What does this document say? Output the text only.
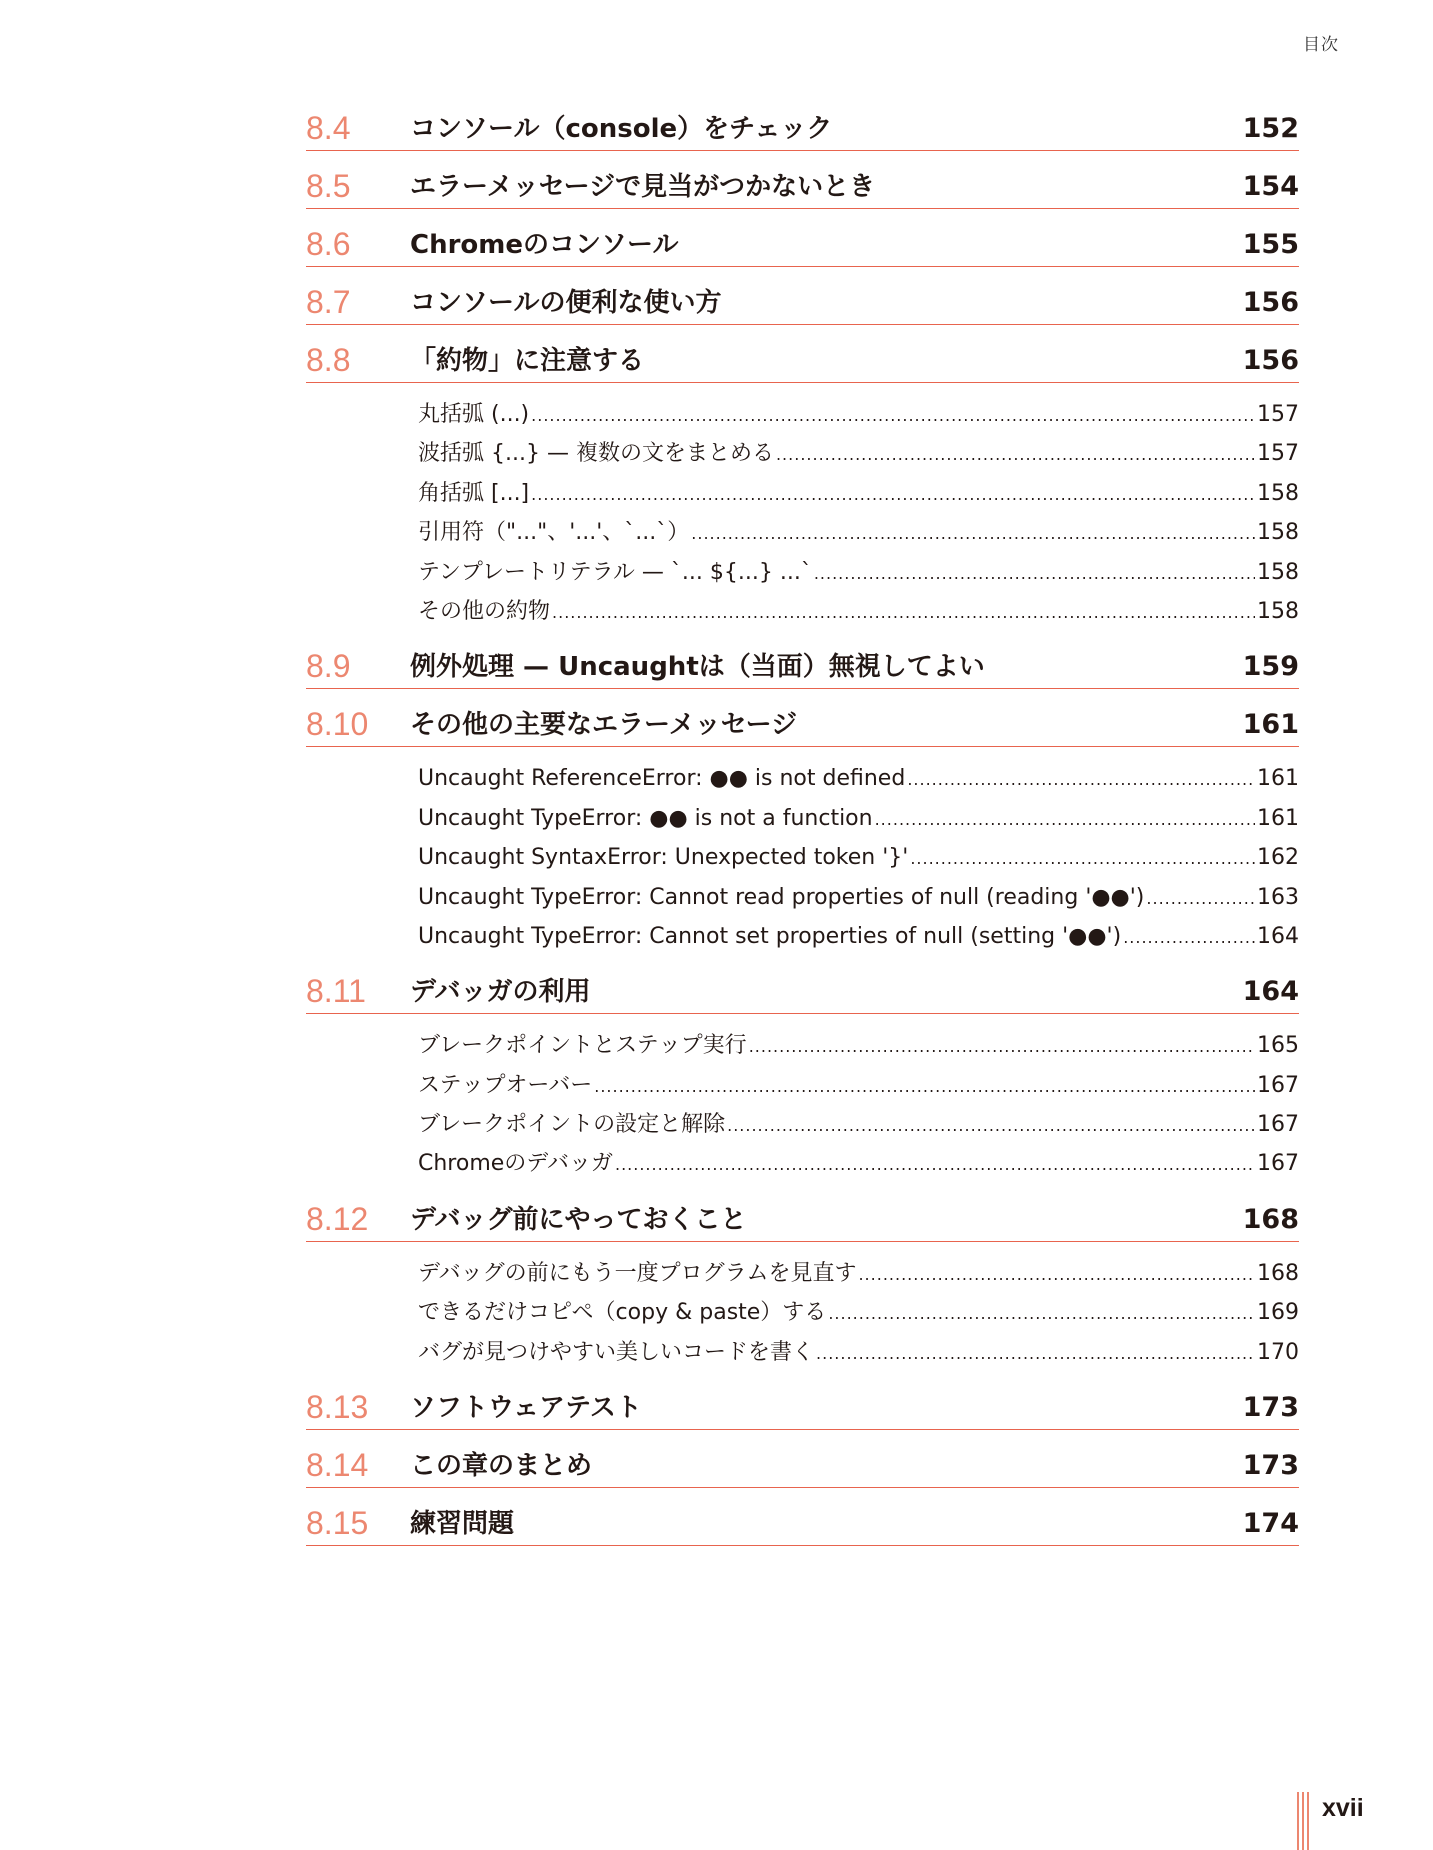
目次
8.4	コンソール（console）をチェック	152
8.5	エラーメッセージで見当がつかないとき	154
8.6	Chromeのコンソール	155
8.7	コンソールの便利な使い方	156
8.8	「約物」に注意する	156
丸括弧 (...) .....	157
波括弧 {...} — 複数の文をまとめる .....	157
角括弧 [...] .....	158
引用符（"..."、'...'、`...`） .....	158
テンプレートリテラル — `... ${...} ...` .....	158
その他の約物 .....	158
8.9	例外処理 — Uncaughtは（当面）無視してよい	159
8.10	その他の主要なエラーメッセージ	161
Uncaught ReferenceError: ●● is not defined .....	161
Uncaught TypeError: ●● is not a function .....	161
Uncaught SyntaxError: Unexpected token '}' .....	162
Uncaught TypeError: Cannot read properties of null (reading '●●') .....	163
Uncaught TypeError: Cannot set properties of null (setting '●●') .....	164
8.11	デバッガの利用	164
ブレークポイントとステップ実行 .....	165
ステップオーバー .....	167
ブレークポイントの設定と解除 .....	167
Chromeのデバッガ .....	167
8.12	デバッグ前にやっておくこと	168
デバッグの前にもう一度プログラムを見直す .....	168
できるだけコピペ（copy & paste）する .....	169
バグが見つけやすい美しいコードを書く .....	170
8.13	ソフトウェアテスト	173
8.14	この章のまとめ	173
8.15	練習問題	174
xvii
